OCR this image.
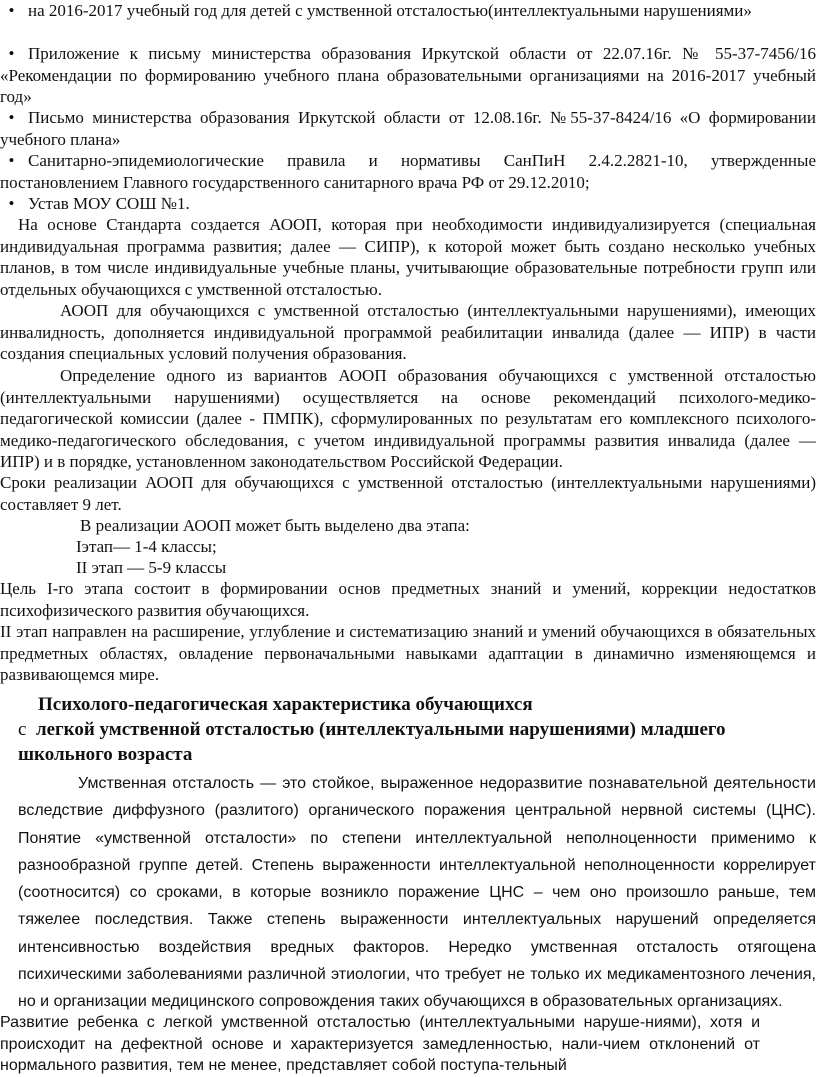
• на 2016-2017 учебный год для детей с умственной отсталостью(интеллектуальными нарушениями»

• Приложение к письму министерства образования Иркутской области от 22.07.16г. № 55-37-7456/16 «Рекомендации по формированию учебного плана образовательными организациями на 2016-2017 учебный год»

• Письмо министерства образования Иркутской области от 12.08.16г. №55-37-8424/16 «О формировании учебного плана»

• Санитарно-эпидемиологические правила и нормативы СанПиН 2.4.2.2821-10, утвержденные постановлением Главного государственного санитарного врача РФ от 29.12.2010;

• Устав МОУ СОШ №1.

На основе Стандарта создается АООП, которая при необходимости индивидуализируется (специальная индивидуальная программа развития; далее — СИПР), к которой может быть создано несколько учебных планов, в том числе индивидуальные учебные планы, учитывающие образовательные потребности групп или отдельных обучающихся с умственной отсталостью.

АООП для обучающихся с умственной отсталостью (интеллектуальными нарушениями), имеющих инвалидность, дополняется индивидуальной программой реабилитации инвалида (далее — ИПР) в части создания специальных условий получения образования.

Определение одного из вариантов АООП образования обучающихся с умственной отсталостью (интеллектуальными нарушениями) осуществляется на основе рекомендаций психолого-медико-педагогической комиссии (далее - ПМПК), сформулированных по результатам его комплексного психолого-медико-педагогического обследования, с учетом индивидуальной программы развития инвалида (далее — ИПР) и в порядке, установленном законодательством Российской Федерации.

Сроки реализации АООП для обучающихся с умственной отсталостью (интеллектуальными нарушениями) составляет 9 лет.

В реализации АООП может быть выделено два этапа:

Iэтап— 1-4 классы;

II этап — 5-9 классы

Цель I-го этапа состоит в формировании основ предметных знаний и умений, коррекции недостатков психофизического развития обучающихся.

II этап направлен на расширение, углубление и систематизацию знаний и умений обучающихся в обязательных предметных областях, овладение первоначальными навыками адаптации в динамично изменяющемся и развивающемся мире.

Психолого-педагогическая характеристика обучающихся

с легкой умственной отсталостью (интеллектуальными нарушениями) младшего школьного возраста

Умственная отсталость — это стойкое, выраженное недоразвитие познавательной деятельности вследствие диффузного (разлитого) органического поражения центральной нервной системы (ЦНС). Понятие «умственной отсталости» по степени интеллектуальной неполноценности применимо к разнообразной группе детей. Степень выраженности интеллектуальной неполноценности коррелирует (соотносится) со сроками, в которые возникло поражение ЦНС – чем оно произошло раньше, тем тяжелее последствия. Также степень выраженности интеллектуальных нарушений определяется интенсивностью воздействия вредных факторов. Нередко умственная отсталость отягощена психическими заболеваниями различной этиологии, что требует не только их медикаментозного лечения, но и организации медицинского сопровождения таких обучающихся в образовательных организациях.

Развитие ребенка с легкой умственной отсталостью (интеллектуальными наруше-ниями), хотя и происходит на дефектной основе и характеризуется замедленностью, нали-чием отклонений от нормального развития, тем не менее, представляет собой поступа-тельный
